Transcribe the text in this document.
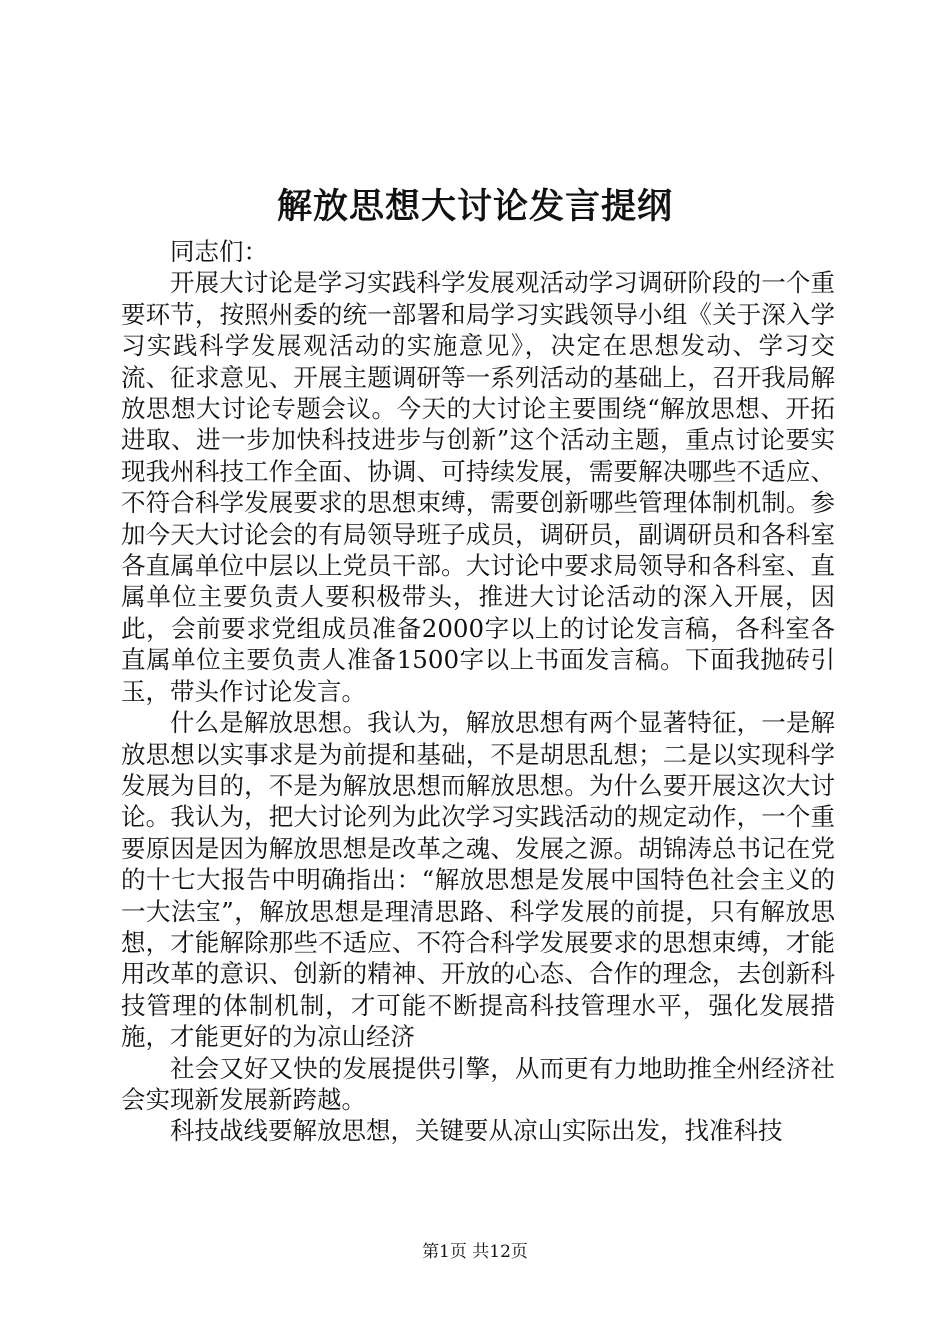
解放思想大讨论发言提纲

同志们：

开展大讨论是学习实践科学发展观活动学习调研阶段的一个重要环节，按照州委的统一部署和局学习实践领导小组《关于深入学习实践科学发展观活动的实施意见》，决定在思想发动、学习交流、征求意见、开展主题调研等一系列活动的基础上，召开我局解放思想大讨论专题会议。今天的大讨论主要围绕“解放思想、开拓进取、进一步加快科技进步与创新”这个活动主题，重点讨论要实现我州科技工作全面、协调、可持续发展，需要解决哪些不适应、不符合科学发展要求的思想束缚，需要创新哪些管理体制机制。参加今天大讨论会的有局领导班子成员，调研员，副调研员和各科室各直属单位中层以上党员干部。大讨论中要求局领导和各科室、直属单位主要负责人要积极带头，推进大讨论活动的深入开展，因此，会前要求党组成员准备2000字以上的讨论发言稿，各科室各直属单位主要负责人准备1500字以上书面发言稿。下面我抛砖引玉，带头作讨论发言。

什么是解放思想。我认为，解放思想有两个显著特征，一是解放思想以实事求是为前提和基础，不是胡思乱想；二是以实现科学发展为目的，不是为解放思想而解放思想。为什么要开展这次大讨论。我认为，把大讨论列为此次学习实践活动的规定动作，一个重要原因是因为解放思想是改革之魂、发展之源。胡锦涛总书记在党的十七大报告中明确指出：“解放思想是发展中国特色社会主义的一大法宝”，解放思想是理清思路、科学发展的前提，只有解放思想，才能解除那些不适应、不符合科学发展要求的思想束缚，才能用改革的意识、创新的精神、开放的心态、合作的理念，去创新科技管理的体制机制，才可能不断提高科技管理水平，强化发展措施，才能更好的为凉山经济

社会又好又快的发展提供引擎，从而更有力地助推全州经济社会实现新发展新跨越。

科技战线要解放思想，关键要从凉山实际出发，找准科技

第1页 共12页
